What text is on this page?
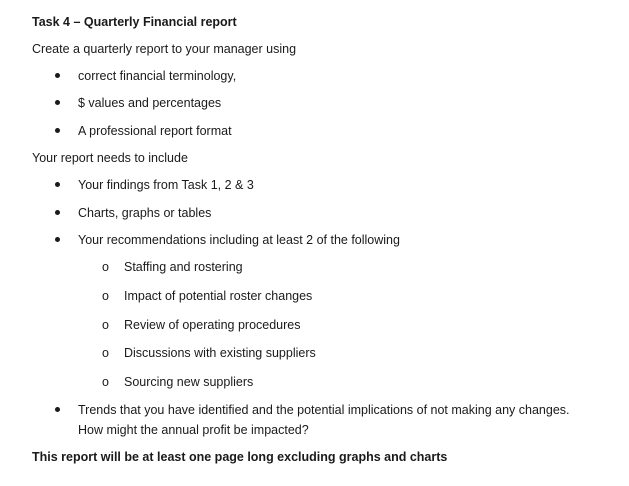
Task 4 – Quarterly Financial report
Create a quarterly report to your manager using
correct financial terminology,
$ values and percentages
A professional report format
Your report needs to include
Your findings from Task 1, 2 & 3
Charts, graphs or tables
Your recommendations including at least 2 of the following
o Staffing and rostering
o Impact of potential roster changes
o Review of operating procedures
o Discussions with existing suppliers
o Sourcing new suppliers
Trends that you have identified and the potential implications of not making any changes.
How might the annual profit be impacted?
This report will be at least one page long excluding graphs and charts
